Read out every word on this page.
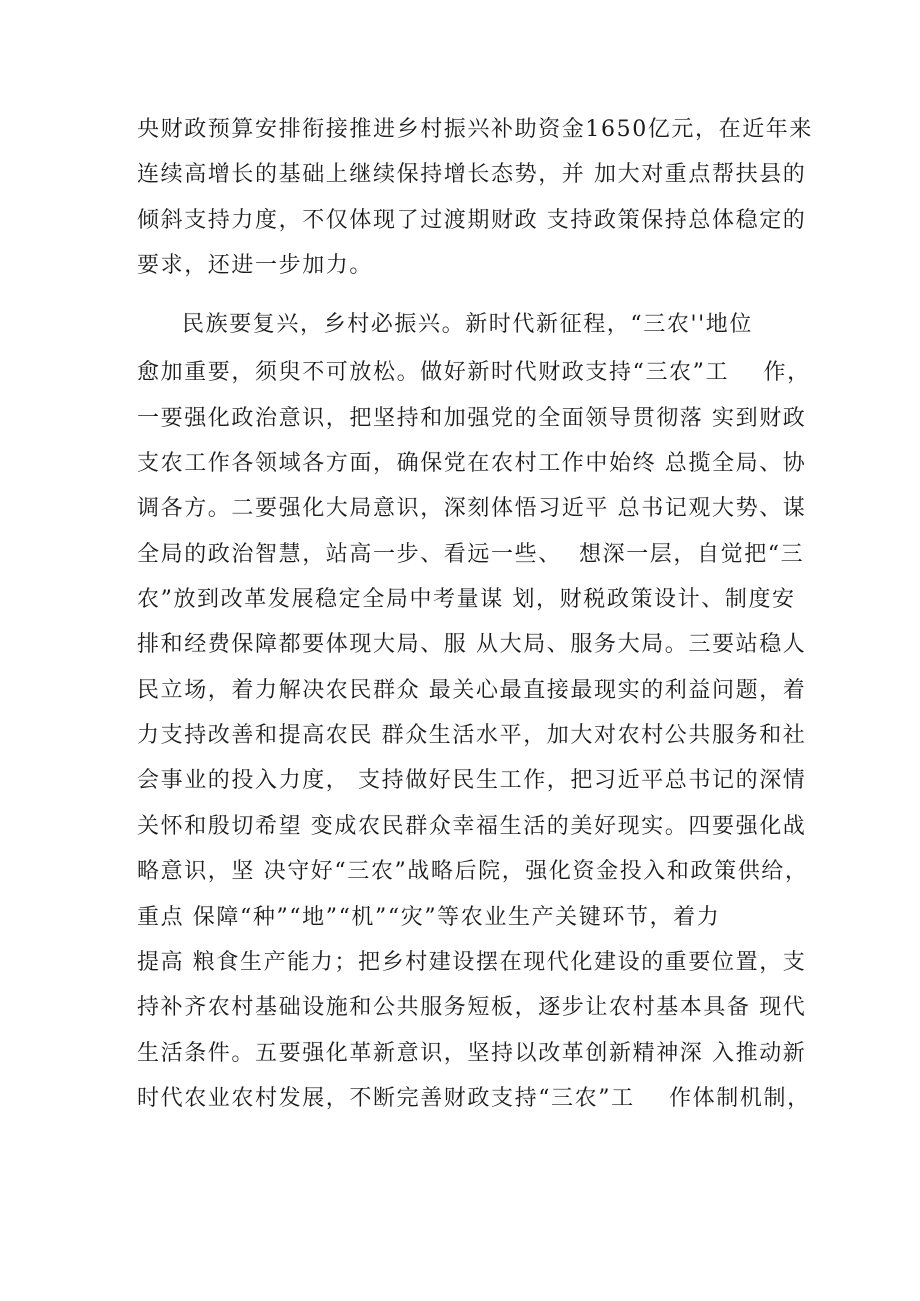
央财政预算安排衔接推进乡村振兴补助资金1650亿元，在近年来

连续高增长的基础上继续保持增长态势，并 加大对重点帮扶县的

倾斜支持力度，不仅体现了过渡期财政 支持政策保持总体稳定的

要求，还进一步加力。

民族要复兴，乡村必振兴。新时代新征程，“三农''地位

愈加重要，须臾不可放松。做好新时代财政支持“三农”工    作，

一要强化政治意识，把坚持和加强党的全面领导贯彻落 实到财政

支农工作各领域各方面，确保党在农村工作中始终 总揽全局、协

调各方。二要强化大局意识，深刻体悟习近平 总书记观大势、谋

全局的政治智慧，站高一步、看远一些、  想深一层，自觉把“三

农”放到改革发展稳定全局中考量谋 划，财税政策设计、制度安

排和经费保障都要体现大局、服 从大局、服务大局。三要站稳人

民立场，着力解决农民群众 最关心最直接最现实的利益问题，着

力支持改善和提高农民 群众生活水平，加大对农村公共服务和社

会事业的投入力度， 支持做好民生工作，把习近平总书记的深情

关怀和殷切希望 变成农民群众幸福生活的美好现实。四要强化战

略意识，坚 决守好“三农”战略后院，强化资金投入和政策供给，

重点 保障“种”“地”“机”“灾”等农业生产关键环节，着力

提高 粮食生产能力；把乡村建设摆在现代化建设的重要位置，支

持补齐农村基础设施和公共服务短板，逐步让农村基本具备 现代

生活条件。五要强化革新意识，坚持以改革创新精神深 入推动新

时代农业农村发展，不断完善财政支持“三农”工    作体制机制，
